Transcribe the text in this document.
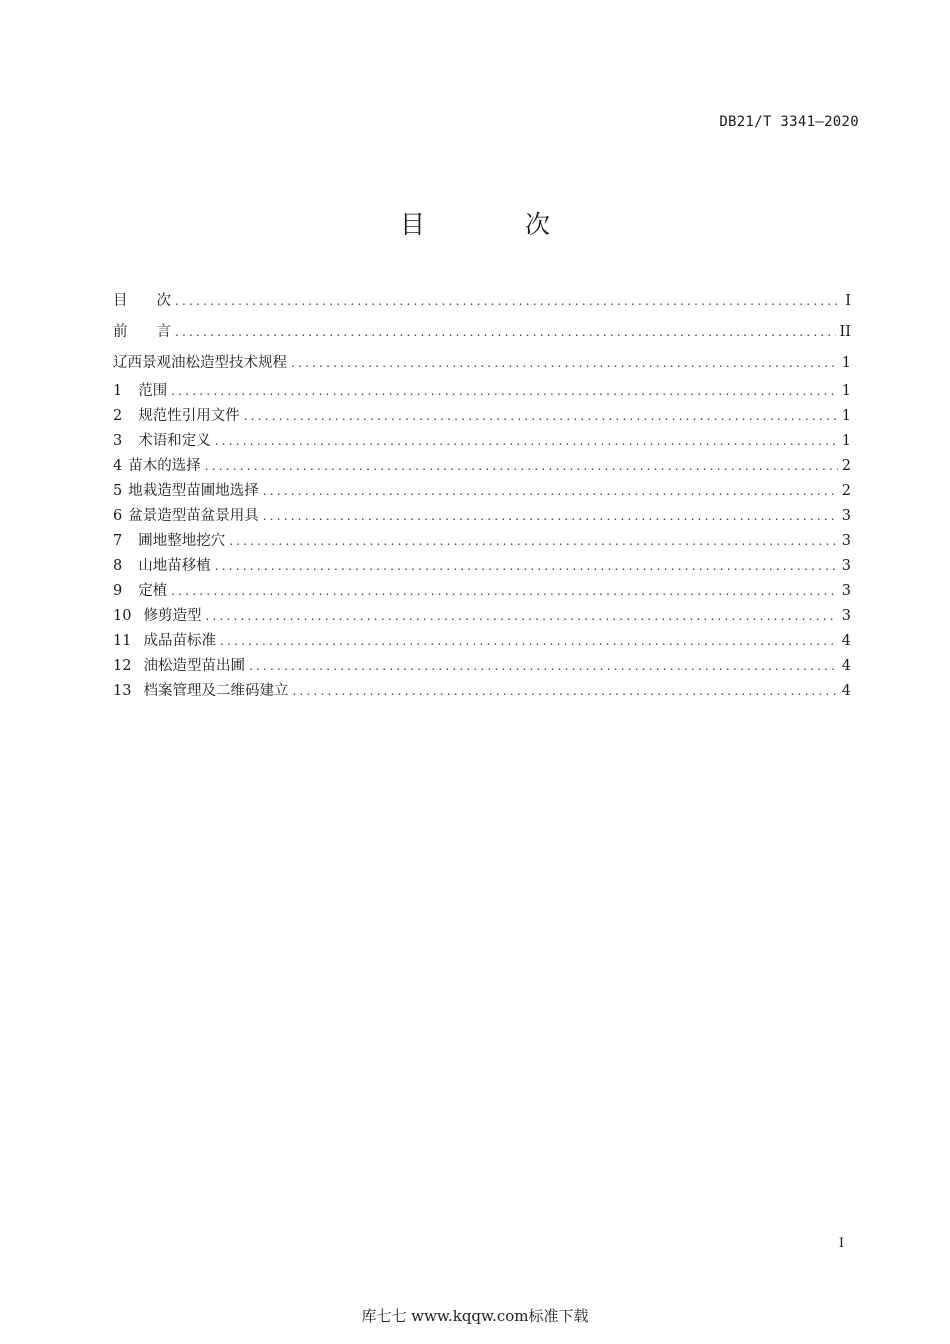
DB21/T 3341—2020
目 次
目　　次 .....	I
前　　言 .....	II
辽西景观油松造型技术规程 .....	1
1 范围 .....	1
2 规范性引用文件 .....	1
3 术语和定义 .....	1
4 苗木的选择 .....	2
5 地栽造型苗圃地选择 .....	2
6 盆景造型苗盆景用具 .....	3
7 圃地整地挖穴 .....	3
8 山地苗移植 .....	3
9 定植 .....	3
10 修剪造型 .....	3
11 成品苗标准 .....	4
12 油松造型苗出圃 .....	4
13 档案管理及二维码建立 .....	4
I
库七七 www.kqqw.com标准下载
